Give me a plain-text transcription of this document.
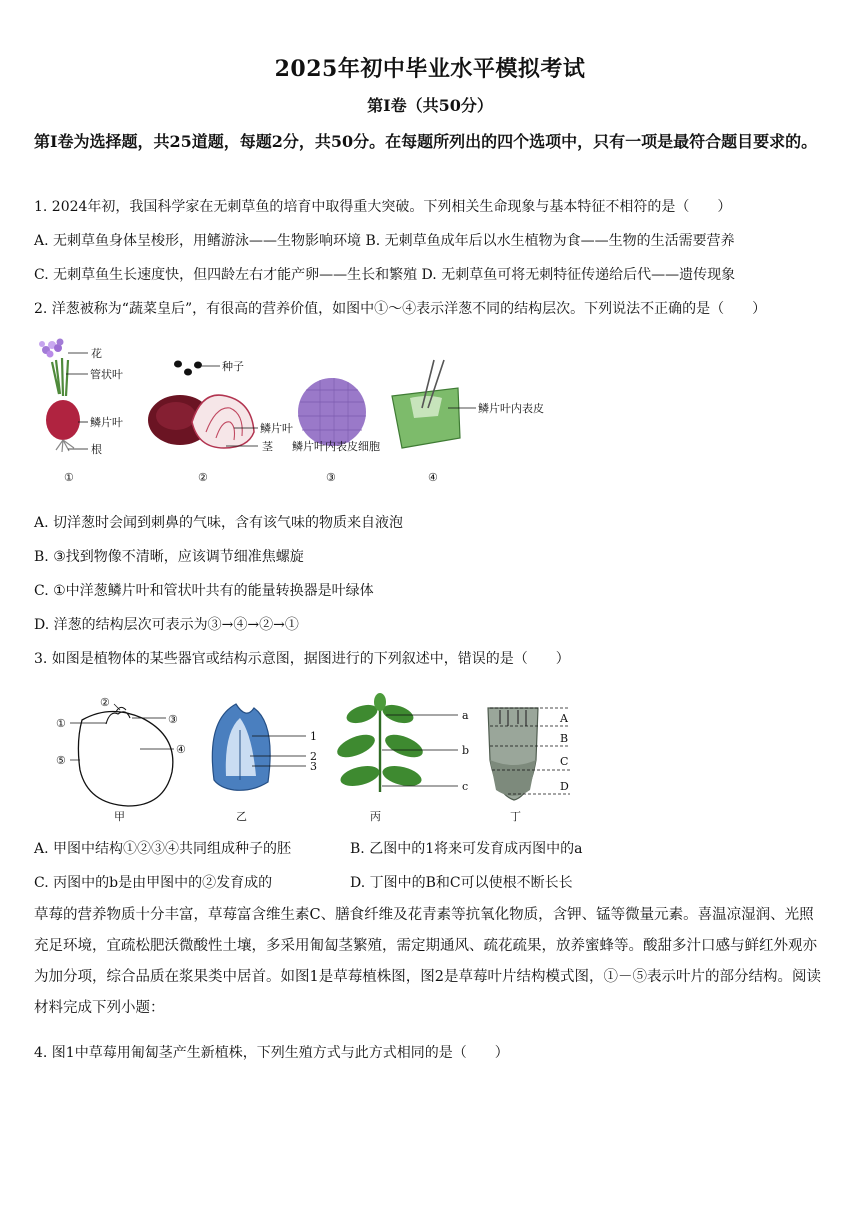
2025年初中毕业水平模拟考试
第Ⅰ卷（共50分）
第Ⅰ卷为选择题，共25道题，每题2分，共50分。在每题所列出的四个选项中，只有一项是最符合题目要求的。
1. 2024年初，我国科学家在无刺草鱼的培育中取得重大突破。下列相关生命现象与基本特征不相符的是（　　）
A. 无刺草鱼身体呈梭形，用鳍游泳——生物影响环境 B. 无刺草鱼成年后以水生植物为食——生物的生活需要营养
C. 无刺草鱼生长速度快，但四龄左右才能产卵——生长和繁殖 D. 无刺草鱼可将无刺特征传递给后代——遗传现象
2. 洋葱被称为“蔬菜皇后”，有很高的营养价值，如图中①～④表示洋葱不同的结构层次。下列说法不正确的是（　　）
花
管状叶
鳞片叶
根
①
种子
鳞片叶
茎
②
鳞片叶内表皮细胞
③
鳞片叶内表皮
④
A. 切洋葱时会闻到刺鼻的气味，含有该气味的物质来自液泡
B. ③找到物像不清晰，应该调节细准焦螺旋
C. ①中洋葱鳞片叶和管状叶共有的能量转换器是叶绿体
D. 洋葱的结构层次可表示为③→④→②→①
3. 如图是植物体的某些器官或结构示意图，据图进行的下列叙述中，错误的是（　　）
①
②
③
④
⑤
甲
1
2
3
乙
a
b
c
丙
A
B
C
D
丁
A. 甲图中结构①②③④共同组成种子的胚	B. 乙图中的1将来可发育成丙图中的a
C. 丙图中的b是由甲图中的②发育成的	D. 丁图中的B和C可以使根不断长长
草莓的营养物质十分丰富，草莓富含维生素C、膳食纤维及花青素等抗氧化物质，含钾、锰等微量元素。喜温凉湿润、光照充足环境，宜疏松肥沃微酸性土壤，多采用匍匐茎繁殖，需定期通风、疏花疏果，放养蜜蜂等。酸甜多汁口感与鲜红外观亦为加分项，综合品质在浆果类中居首。如图1是草莓植株图，图2是草莓叶片结构模式图，①－⑤表示叶片的部分结构。阅读材料完成下列小题：
4. 图1中草莓用匍匐茎产生新植株，下列生殖方式与此方式相同的是（　　）
